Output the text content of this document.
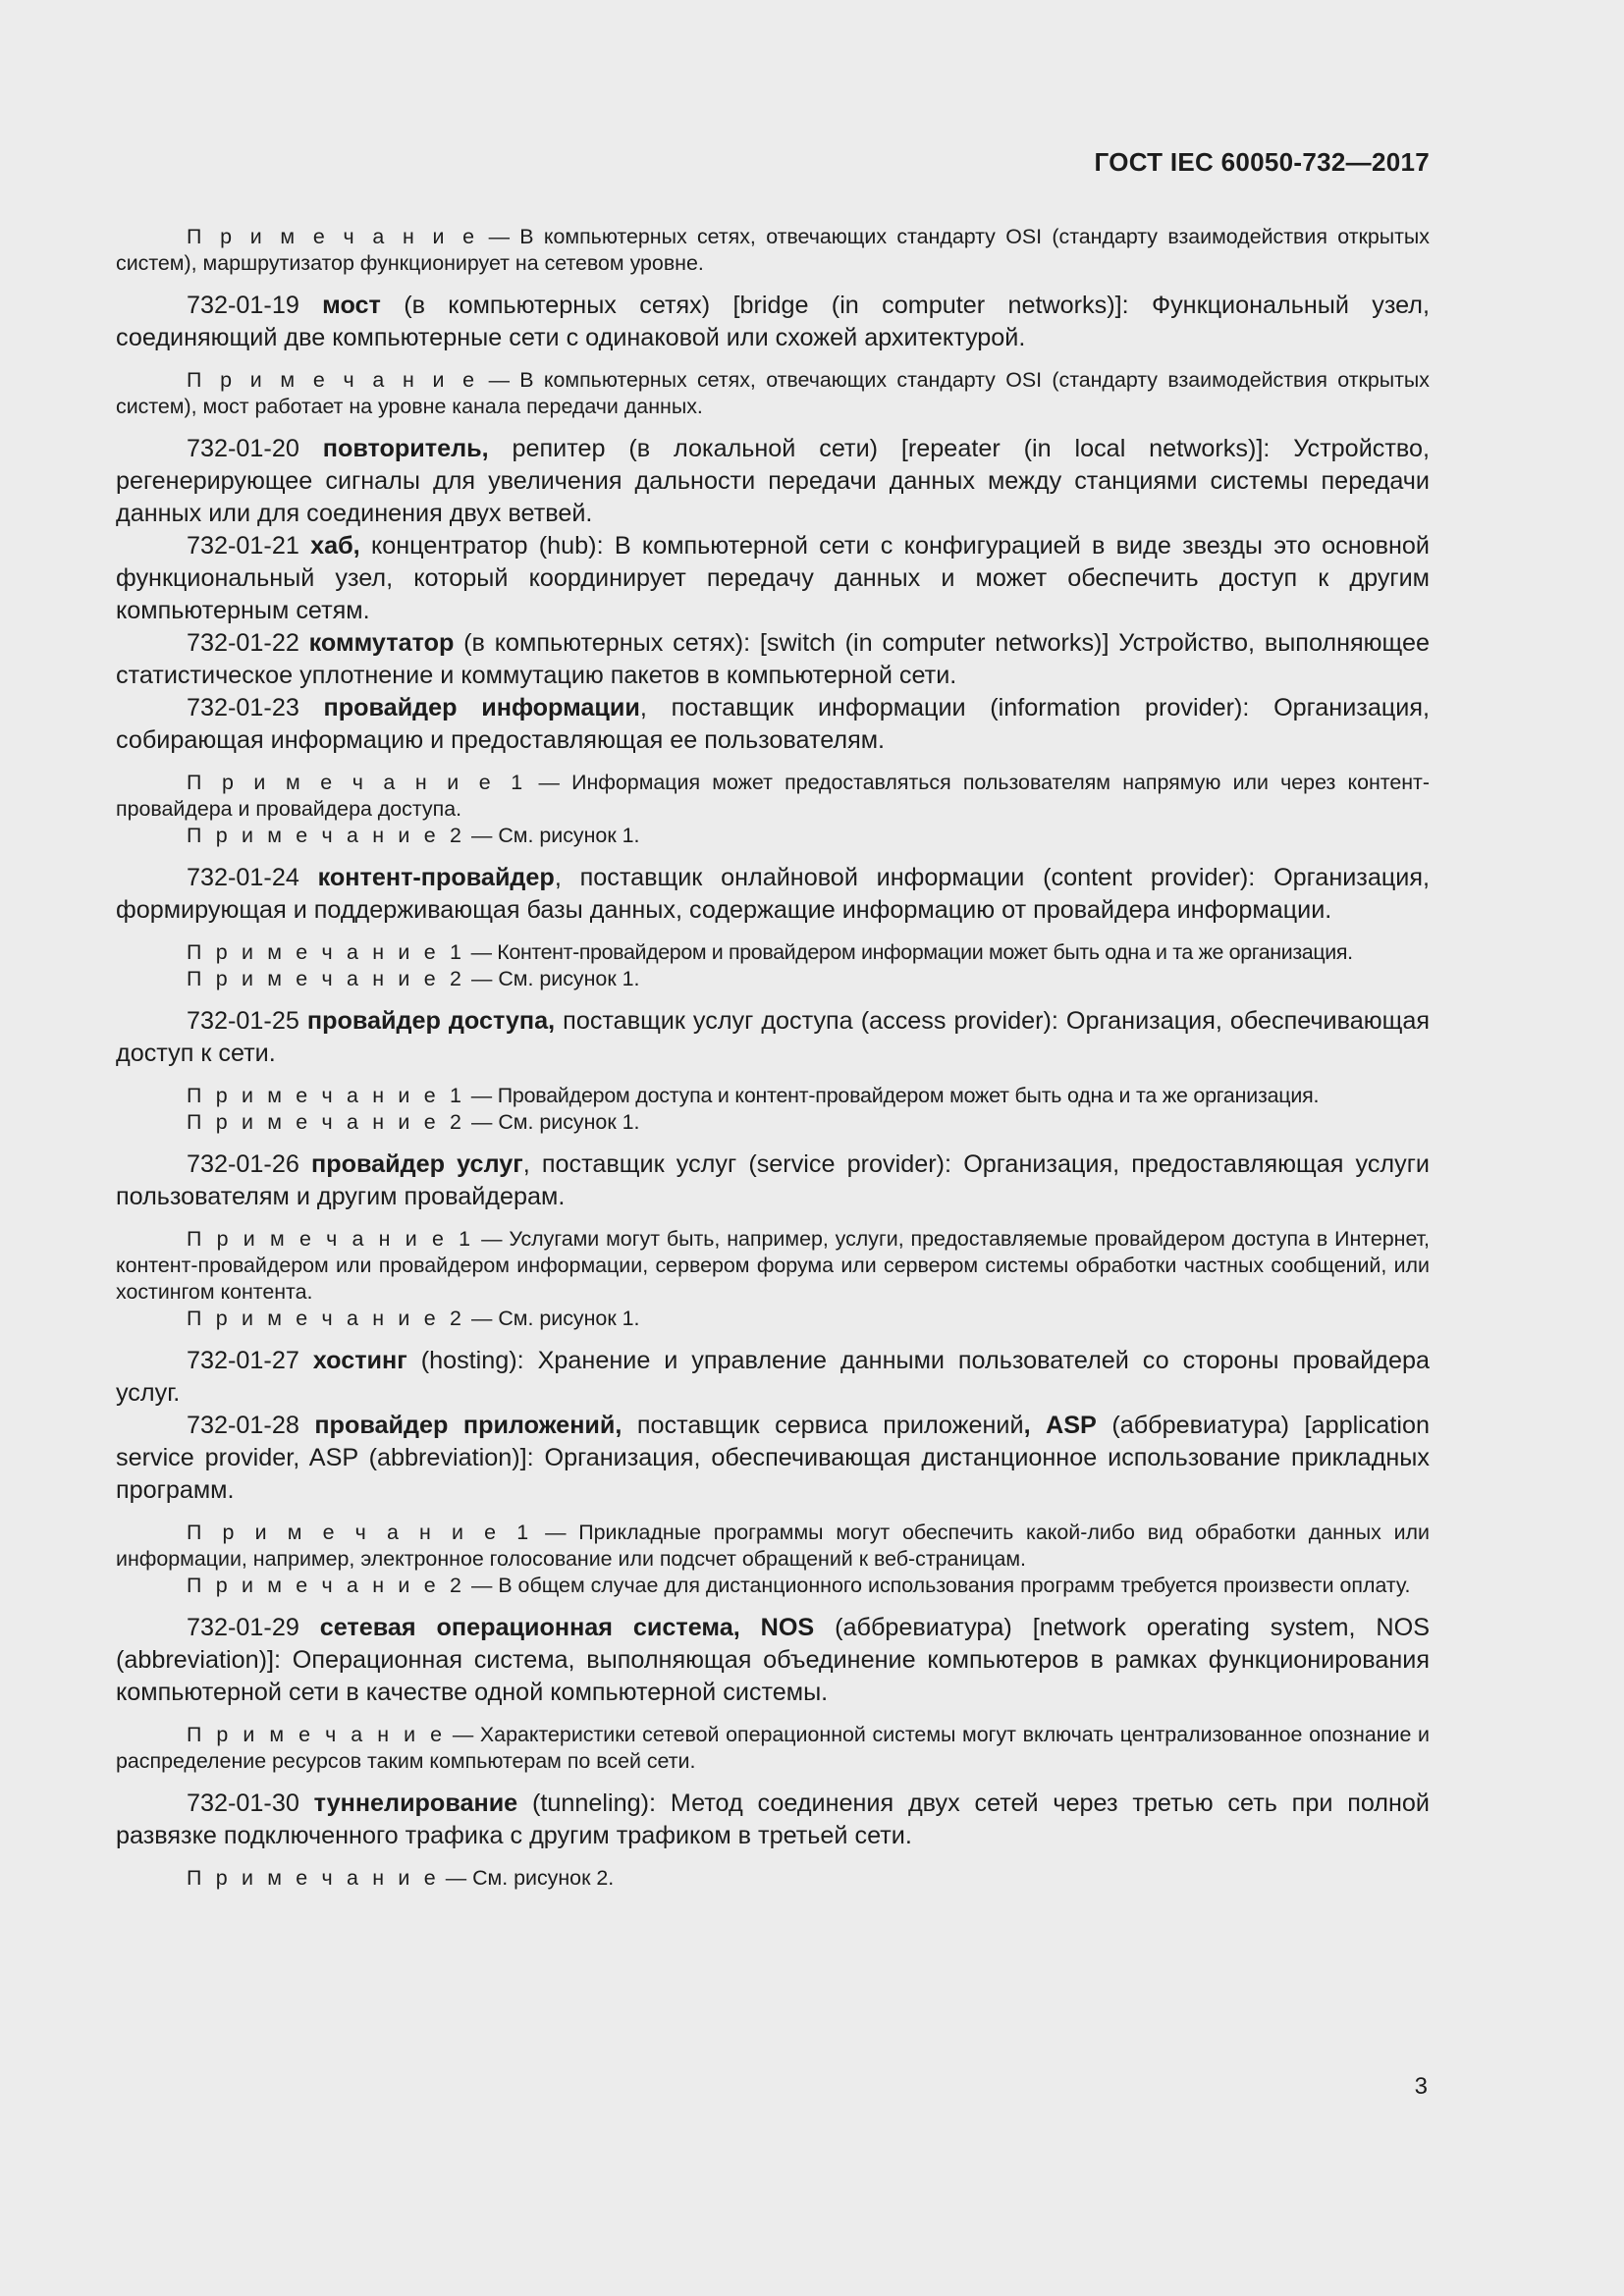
ГОСТ IEC 60050-732—2017

П р и м е ч а н и е — В компьютерных сетях, отвечающих стандарту OSI (стандарту взаимодействия открытых систем), маршрутизатор функционирует на сетевом уровне.

732-01-19 мост (в компьютерных сетях) [bridge (in computer networks)]: Функциональный узел, соединяющий две компьютерные сети с одинаковой или схожей архитектурой.

П р и м е ч а н и е — В компьютерных сетях, отвечающих стандарту OSI (стандарту взаимодействия открытых систем), мост работает на уровне канала передачи данных.

732-01-20 повторитель, репитер (в локальной сети) [repeater (in local networks)]: Устройство, регенерирующее сигналы для увеличения дальности передачи данных между станциями системы передачи данных или для соединения двух ветвей.

732-01-21 хаб, концентратор (hub): В компьютерной сети с конфигурацией в виде звезды это основной функциональный узел, который координирует передачу данных и может обеспечить доступ к другим компьютерным сетям.

732-01-22 коммутатор (в компьютерных сетях): [switch (in computer networks)] Устройство, выполняющее статистическое уплотнение и коммутацию пакетов в компьютерной сети.

732-01-23 провайдер информации, поставщик информации (information provider): Организация, собирающая информацию и предоставляющая ее пользователям.

П р и м е ч а н и е 1 — Информация может предоставляться пользователям напрямую или через контент-провайдера и провайдера доступа.

П р и м е ч а н и е 2 — См. рисунок 1.

732-01-24 контент-провайдер, поставщик онлайновой информации (content provider): Организация, формирующая и поддерживающая базы данных, содержащие информацию от провайдера информации.

П р и м е ч а н и е 1 — Контент-провайдером и провайдером информации может быть одна и та же организация.

П р и м е ч а н и е 2 — См. рисунок 1.

732-01-25 провайдер доступа, поставщик услуг доступа (access provider): Организация, обеспечивающая доступ к сети.

П р и м е ч а н и е 1 — Провайдером доступа и контент-провайдером может быть одна и та же организация.

П р и м е ч а н и е 2 — См. рисунок 1.

732-01-26 провайдер услуг, поставщик услуг (service provider): Организация, предоставляющая услуги пользователям и другим провайдерам.

П р и м е ч а н и е 1 — Услугами могут быть, например, услуги, предоставляемые провайдером доступа в Интернет, контент-провайдером или провайдером информации, сервером форума или сервером системы обработки частных сообщений, или хостингом контента.

П р и м е ч а н и е 2 — См. рисунок 1.

732-01-27 хостинг (hosting): Хранение и управление данными пользователей со стороны провайдера услуг.

732-01-28 провайдер приложений, поставщик сервиса приложений, ASP (аббревиатура) [application service provider, ASP (abbreviation)]: Организация, обеспечивающая дистанционное использование прикладных программ.

П р и м е ч а н и е 1 — Прикладные программы могут обеспечить какой-либо вид обработки данных или информации, например, электронное голосование или подсчет обращений к веб-страницам.

П р и м е ч а н и е 2 — В общем случае для дистанционного использования программ требуется произвести оплату.

732-01-29 сетевая операционная система, NOS (аббревиатура) [network operating system, NOS (abbreviation)]: Операционная система, выполняющая объединение компьютеров в рамках функционирования компьютерной сети в качестве одной компьютерной системы.

П р и м е ч а н и е — Характеристики сетевой операционной системы могут включать централизованное опознание и распределение ресурсов таким компьютерам по всей сети.

732-01-30 туннелирование (tunneling): Метод соединения двух сетей через третью сеть при полной развязке подключенного трафика с другим трафиком в третьей сети.

П р и м е ч а н и е — См. рисунок 2.

3
